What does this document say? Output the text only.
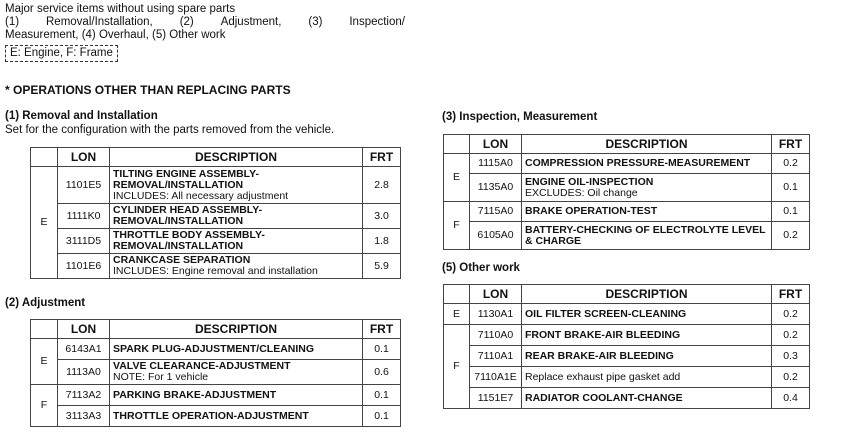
Major service items without using spare parts
(1) Removal/Installation, (2) Adjustment, (3) Inspection/
Measurement, (4) Overhaul, (5) Other work
E: Engine, F: Frame
* OPERATIONS OTHER THAN REPLACING PARTS
(1) Removal and Installation
Set for the configuration with the parts removed from the vehicle.
	LON	DESCRIPTION	FRT
E	1101E5	TILTING ENGINE ASSEMBLY-REMOVAL/INSTALLATION
INCLUDES: All necessary adjustment	2.8
	1111K0	CYLINDER HEAD ASSEMBLY-REMOVAL/INSTALLATION	3.0
	3111D5	THROTTLE BODY ASSEMBLY-REMOVAL/INSTALLATION	1.8
	1101E6	CRANKCASE SEPARATION
INCLUDES: Engine removal and installation	5.9
(2) Adjustment
	LON	DESCRIPTION	FRT
E	6143A1	SPARK PLUG-ADJUSTMENT/CLEANING	0.1
	1113A0	VALVE CLEARANCE-ADJUSTMENT
NOTE: For 1 vehicle	0.6
F	7113A2	PARKING BRAKE-ADJUSTMENT	0.1
	3113A3	THROTTLE OPERATION-ADJUSTMENT	0.1
(3) Inspection, Measurement
	LON	DESCRIPTION	FRT
E	1115A0	COMPRESSION PRESSURE-MEASUREMENT	0.2
	1135A0	ENGINE OIL-INSPECTION
EXCLUDES: Oil change	0.1
F	7115A0	BRAKE OPERATION-TEST	0.1
	6105A0	BATTERY-CHECKING OF ELECTROLYTE LEVEL & CHARGE	0.2
(5) Other work
	LON	DESCRIPTION	FRT
E	1130A1	OIL FILTER SCREEN-CLEANING	0.2
F	7110A0	FRONT BRAKE-AIR BLEEDING	0.2
	7110A1	REAR BRAKE-AIR BLEEDING	0.3
	7110A1E	Replace exhaust pipe gasket add	0.2
	1151E7	RADIATOR COOLANT-CHANGE	0.4
